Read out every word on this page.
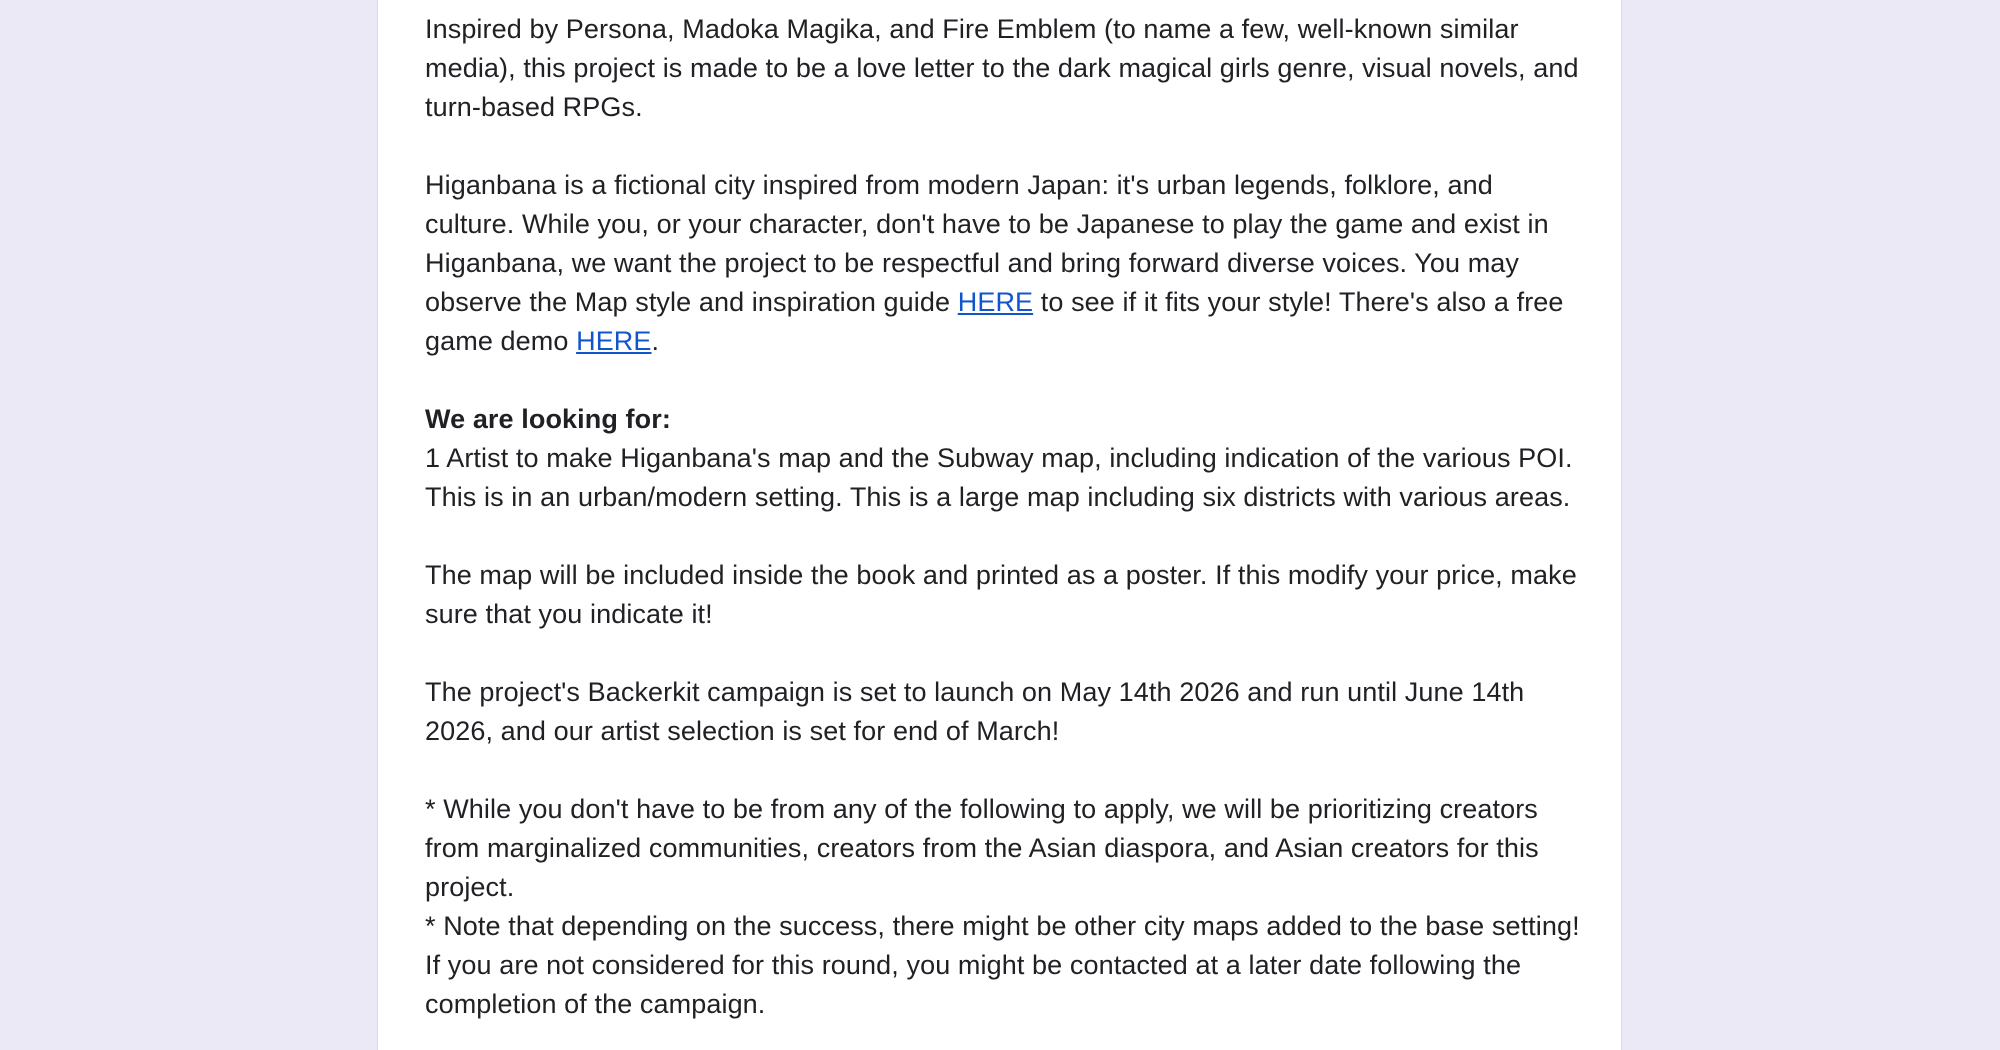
Inspired by Persona, Madoka Magika, and Fire Emblem (to name a few, well-known similar media), this project is made to be a love letter to the dark magical girls genre, visual novels, and turn-based RPGs.

Higanbana is a fictional city inspired from modern Japan: it's urban legends, folklore, and culture. While you, or your character, don't have to be Japanese to play the game and exist in Higanbana, we want the project to be respectful and bring forward diverse voices. You may observe the Map style and inspiration guide HERE to see if it fits your style! There's also a free game demo HERE.

We are looking for:

1 Artist to make Higanbana's map and the Subway map, including indication of the various POI. This is in an urban/modern setting. This is a large map including six districts with various areas.

The map will be included inside the book and printed as a poster. If this modify your price, make sure that you indicate it!

The project's Backerkit campaign is set to launch on May 14th 2026 and run until June 14th 2026, and our artist selection is set for end of March!

* While you don't have to be from any of the following to apply, we will be prioritizing creators from marginalized communities, creators from the Asian diaspora, and Asian creators for this project.

* Note that depending on the success, there might be other city maps added to the base setting! If you are not considered for this round, you might be contacted at a later date following the completion of the campaign.
